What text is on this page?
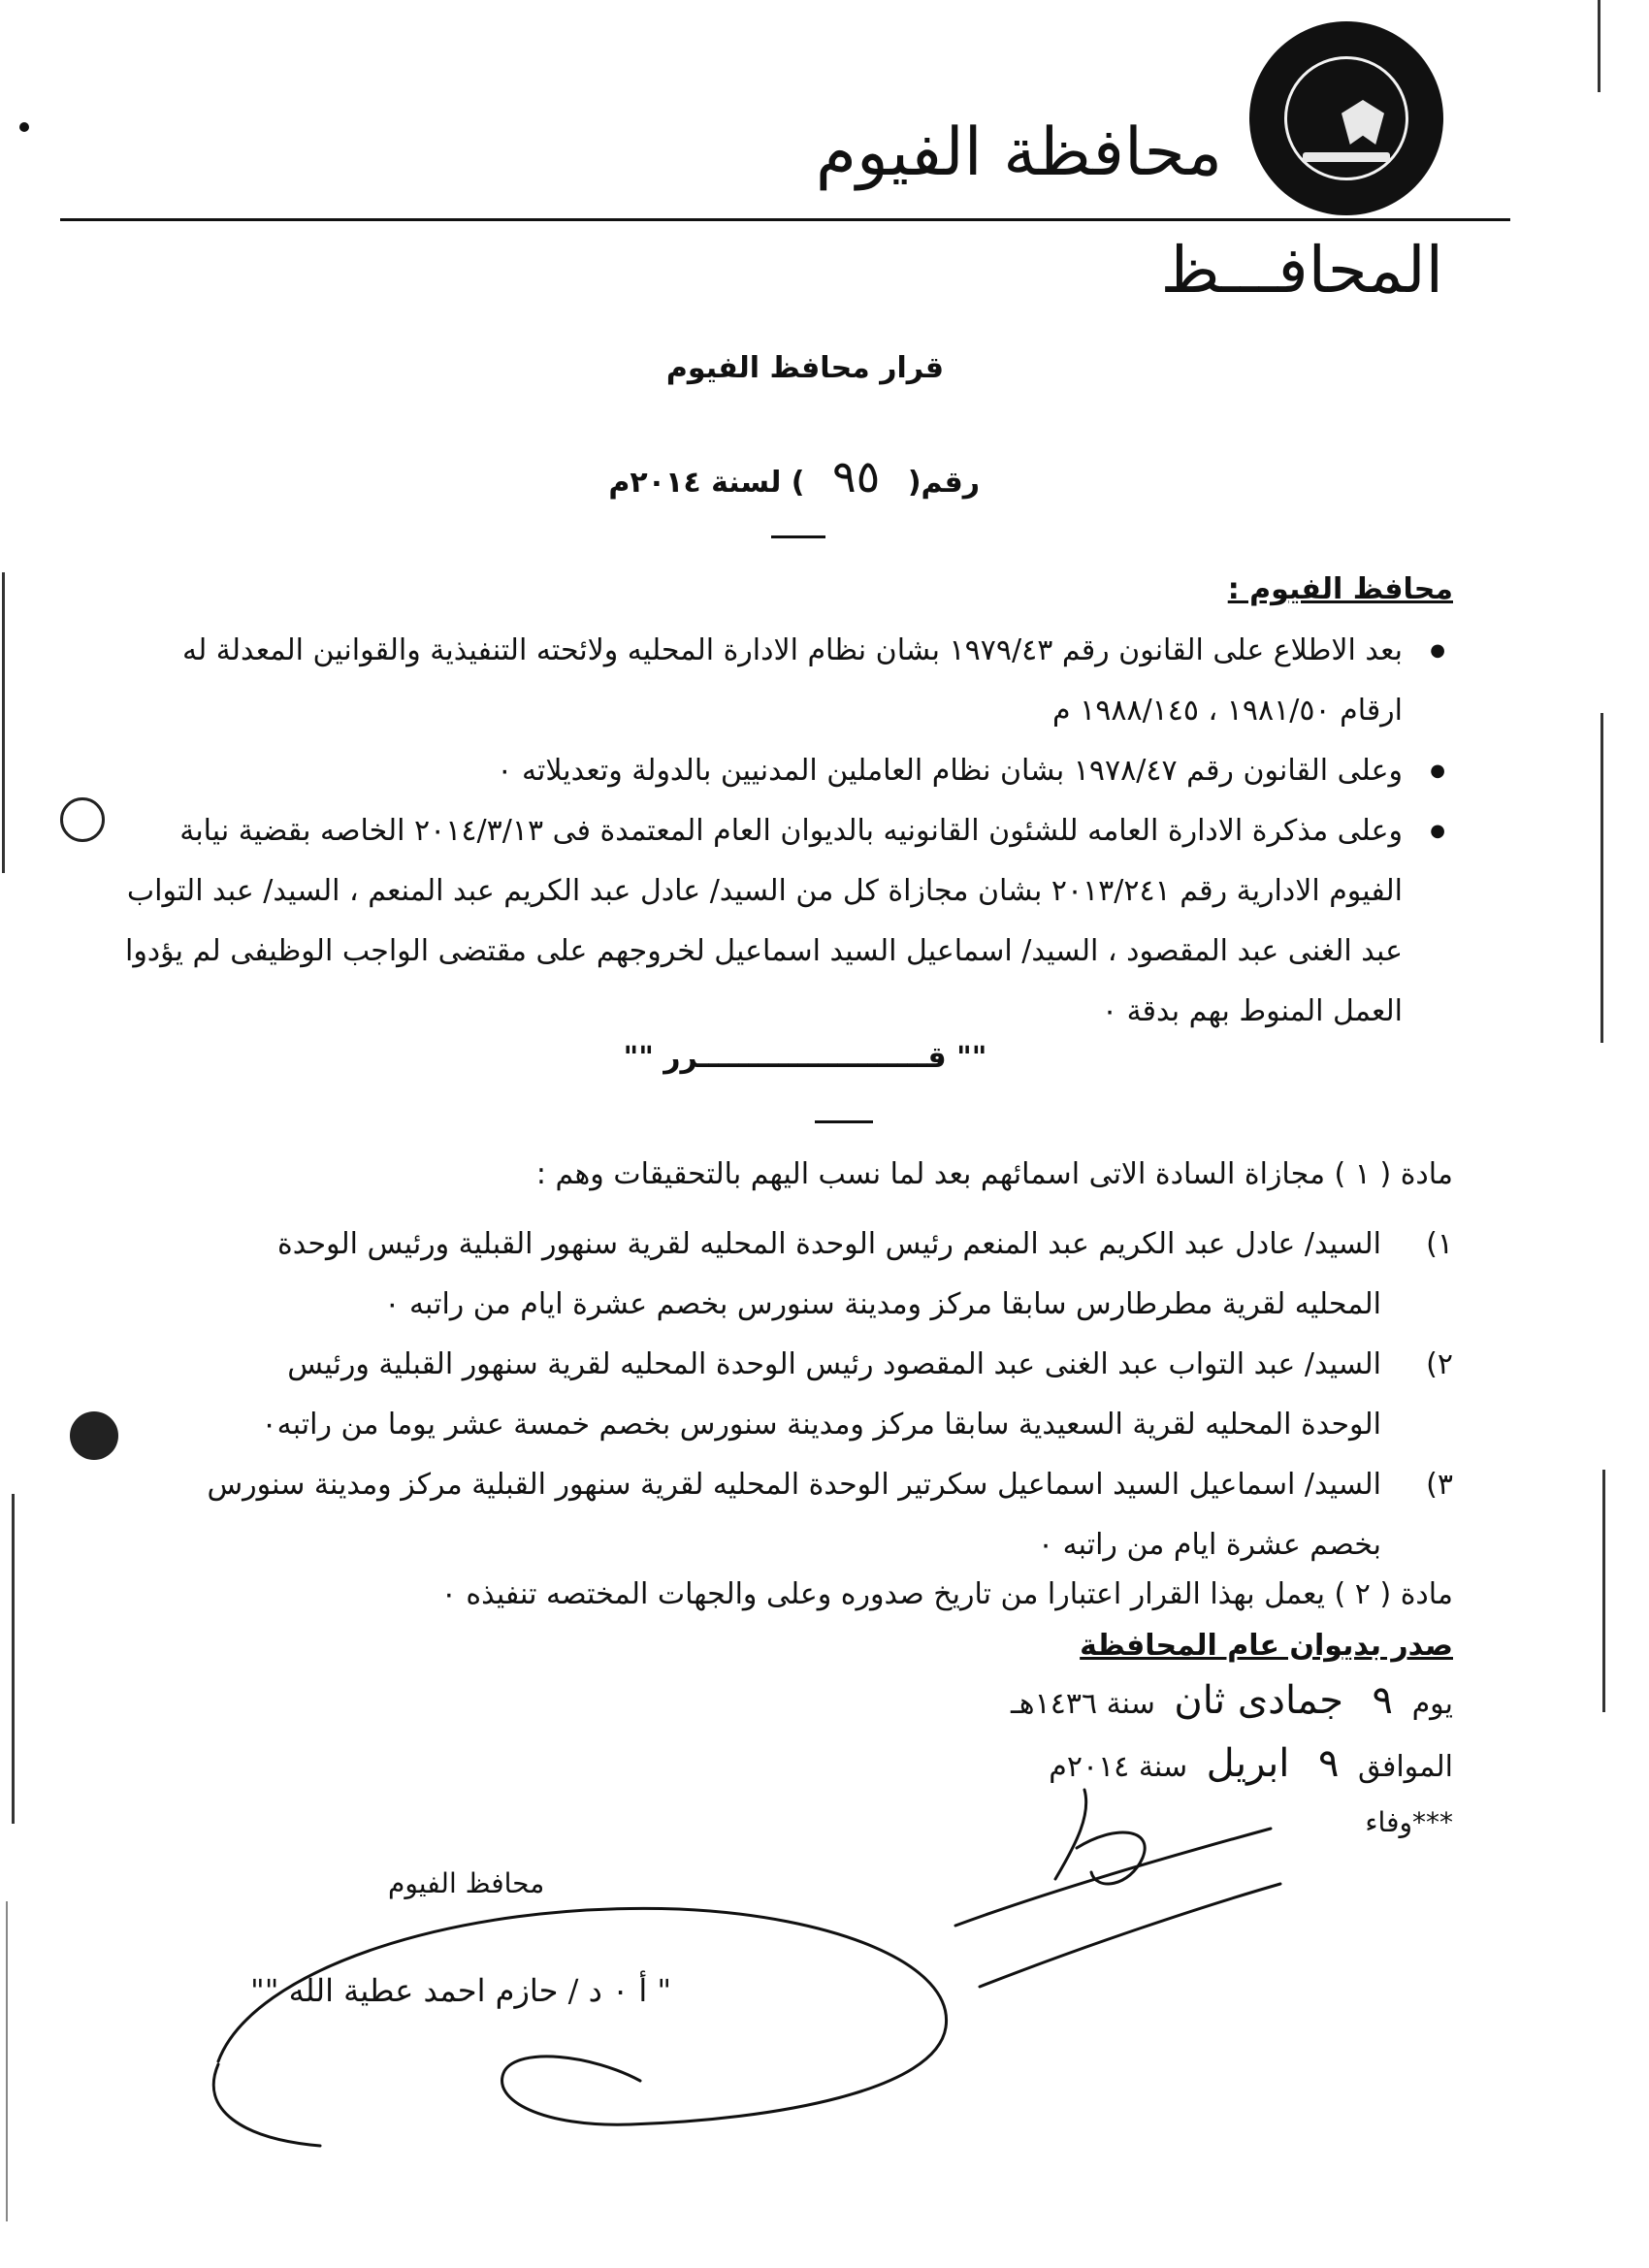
محافظة الفيوم
المحافـــظ
قرار محافظ الفيوم
رقم( ٩٥ ) لسنة ٢٠١٤م
محافظ الفيوم :
● بعد الاطلاع على القانون رقم ١٩٧٩/٤٣ بشان نظام الادارة المحليه ولائحته التنفيذية والقوانين المعدلة له ارقام ١٩٨١/٥٠ ، ١٩٨٨/١٤٥ م
● وعلى القانون رقم ١٩٧٨/٤٧ بشان نظام العاملين المدنيين بالدولة وتعديلاته ٠
● وعلى مذكرة الادارة العامه للشئون القانونيه بالديوان العام المعتمدة فى ٢٠١٤/٣/١٣ الخاصه بقضية نيابة الفيوم الادارية رقم ٢٠١٣/٢٤١ بشان مجازاة كل من السيد/ عادل عبد الكريم عبد المنعم ، السيد/ عبد التواب عبد الغنى عبد المقصود ، السيد/ اسماعيل السيد اسماعيل لخروجهم على مقتضى الواجب الوظيفى لم يؤدوا العمل المنوط بهم بدقة ٠
"" قـــــــــــــــــــــــرر ""
مادة ( ١ ) مجازاة السادة الاتى اسمائهم بعد لما نسب اليهم بالتحقيقات وهم :
١)
السيد/ عادل عبد الكريم عبد المنعم رئيس الوحدة المحليه لقرية سنهور القبلية ورئيس الوحدة المحليه لقرية مطرطارس سابقا مركز ومدينة سنورس بخصم عشرة ايام من راتبه ٠
٢)
السيد/ عبد التواب عبد الغنى عبد المقصود رئيس الوحدة المحليه لقرية سنهور القبلية ورئيس الوحدة المحليه لقرية السعيدية سابقا مركز ومدينة سنورس بخصم خمسة عشر يوما من راتبه٠
٣)
السيد/ اسماعيل السيد اسماعيل سكرتير الوحدة المحليه لقرية سنهور القبلية مركز ومدينة سنورس بخصم عشرة ايام من راتبه ٠
مادة ( ٢ ) يعمل بهذا القرار اعتبارا من تاريخ صدوره وعلى والجهات المختصه تنفيذه ٠
صدر بديوان عام المحافظة
يوم ٩ جمادى ثان سنة ١٤٣٦هـ
الموافق ٩ ابريل سنة ٢٠١٤م
وفاء***
محافظ الفيوم
" أ ٠ د / حازم احمد عطية الله ""
